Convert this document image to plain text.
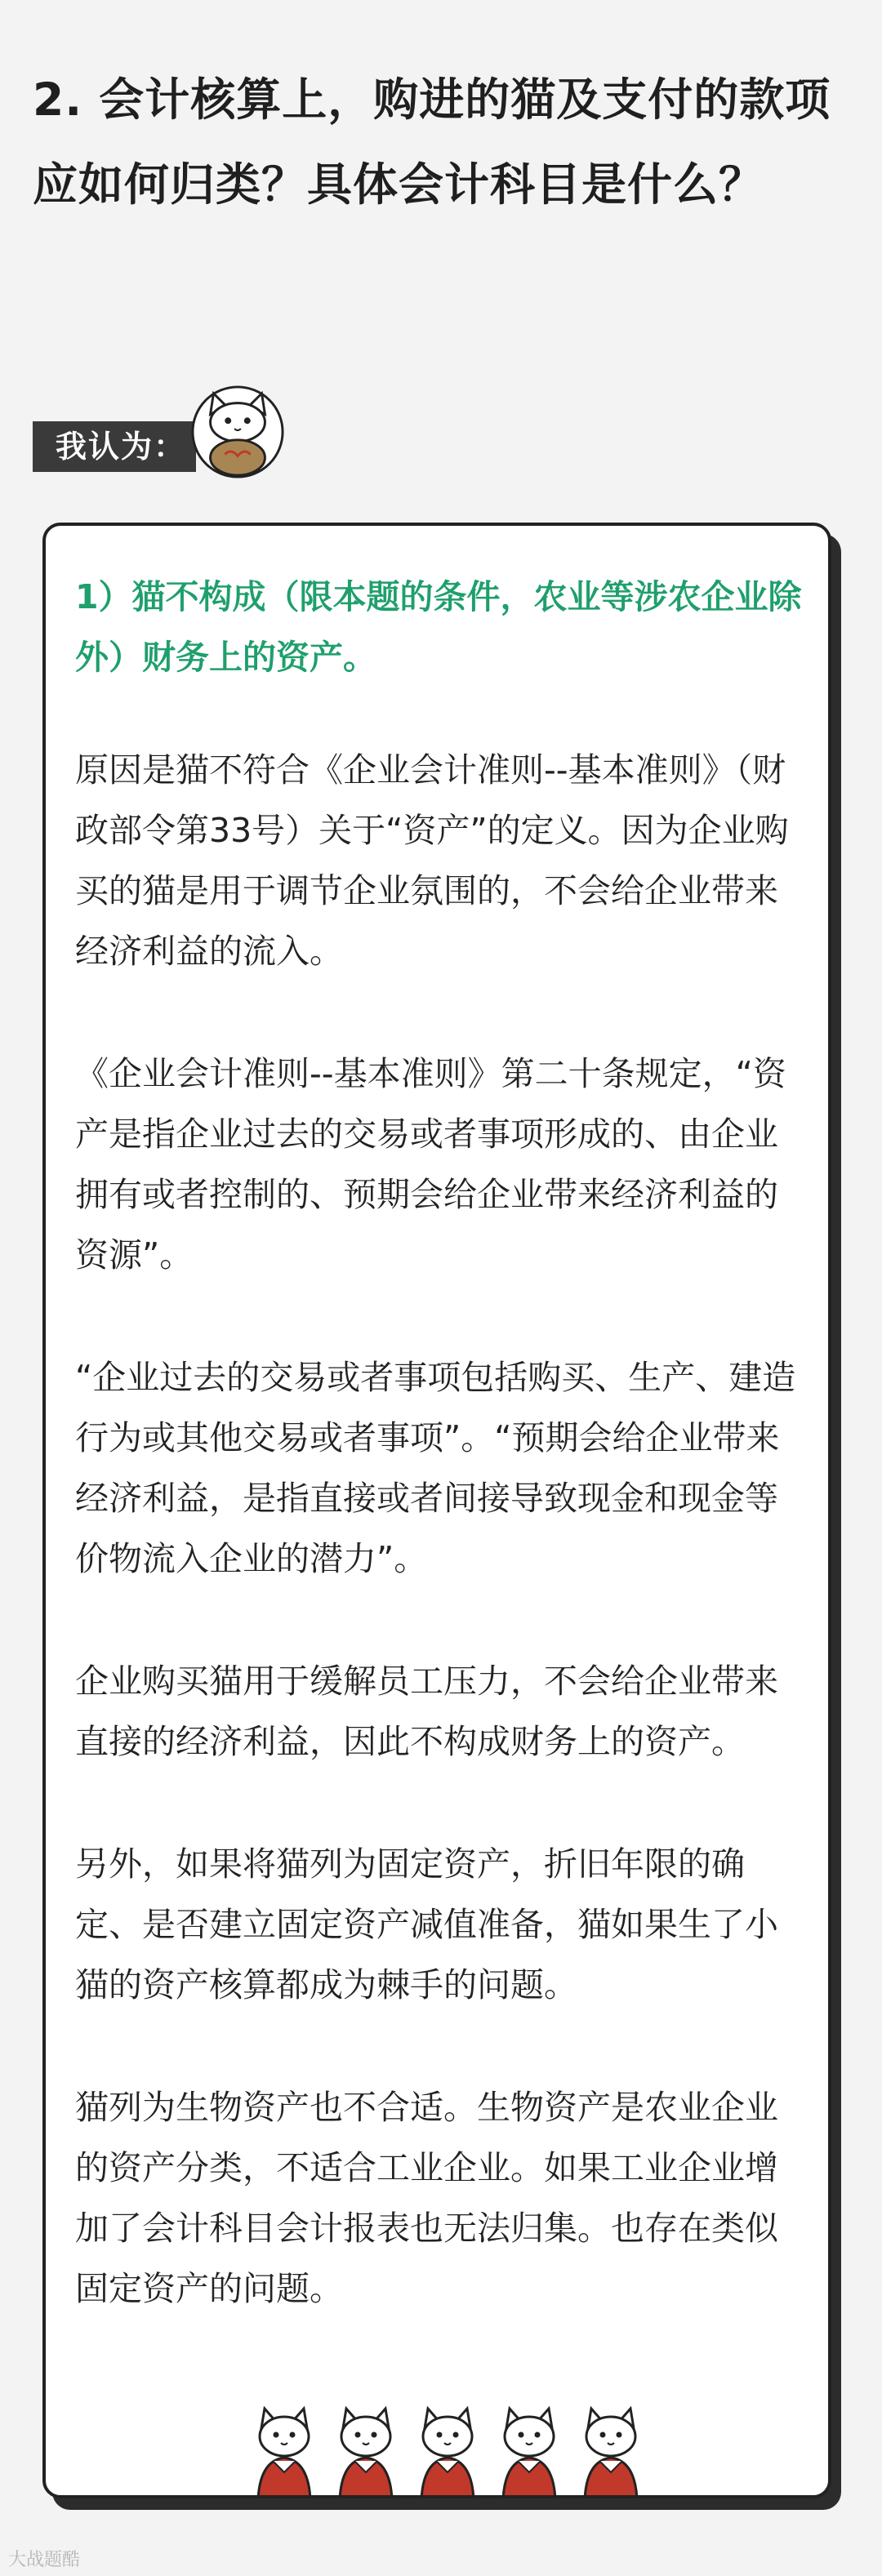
2. 会计核算上，购进的猫及支付的款项应如何归类？具体会计科目是什么？
我认为：

1）猫不构成（限本题的条件，农业等涉农企业除外）财务上的资产。

原因是猫不符合《企业会计准则--基本准则》（财政部令第33号）关于“资产”的定义。因为企业购买的猫是用于调节企业氛围的，不会给企业带来经济利益的流入。

《企业会计准则--基本准则》第二十条规定，“资产是指企业过去的交易或者事项形成的、由企业拥有或者控制的、预期会给企业带来经济利益的资源”。

“企业过去的交易或者事项包括购买、生产、建造行为或其他交易或者事项”。“预期会给企业带来经济利益，是指直接或者间接导致现金和现金等价物流入企业的潜力”。

企业购买猫用于缓解员工压力，不会给企业带来直接的经济利益，因此不构成财务上的资产。

另外，如果将猫列为固定资产，折旧年限的确定、是否建立固定资产减值准备，猫如果生了小猫的资产核算都成为棘手的问题。

猫列为生物资产也不合适。生物资产是农业企业的资产分类，不适合工业企业。如果工业企业增加了会计科目会计报表也无法归集。也存在类似固定资产的问题。

大战题酷
